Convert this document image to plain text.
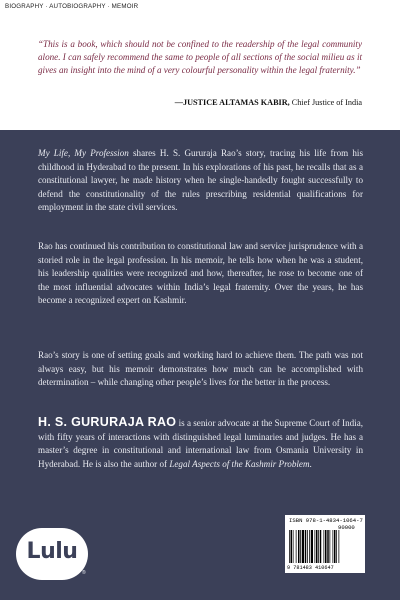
BIOGRAPHY · AUTOBIOGRAPHY · MEMOIR
“This is a book, which should not be confined to the readership of the legal community alone. I can safely recommend the same to people of all sections of the social milieu as it gives an insight into the mind of a very colourful personality within the legal fraternity.”
—JUSTICE ALTAMAS KABIR, Chief Justice of India

My Life, My Profession shares H. S. Gururaja Rao’s story, tracing his life from his childhood in Hyderabad to the present. In his explorations of his past, he recalls that as a constitutional lawyer, he made history when he single-handedly fought successfully to defend the constitutionality of the rules prescribing residential qualifications for employment in the state civil services.

Rao has continued his contribution to constitutional law and service jurisprudence with a storied role in the legal profession. In his memoir, he tells how when he was a student, his leadership qualities were recognized and how, thereafter, he rose to become one of the most influential advocates within India’s legal fraternity. Over the years, he has become a recognized expert on Kashmir.

Rao’s story is one of setting goals and working hard to achieve them. The path was not always easy, but his memoir demonstrates how much can be accomplished with determination – while changing other people’s lives for the better in the process.

H. S. GURURAJA RAO is a senior advocate at the Supreme Court of India, with fifty years of interactions with distinguished legal luminaries and judges. He has a master’s degree in constitutional and international law from Osmania University in Hyderabad. He is also the author of Legal Aspects of the Kashmir Problem.

Lulu
®
ISBN 978-1-4834-1064-7
90000
9 781483 410647
